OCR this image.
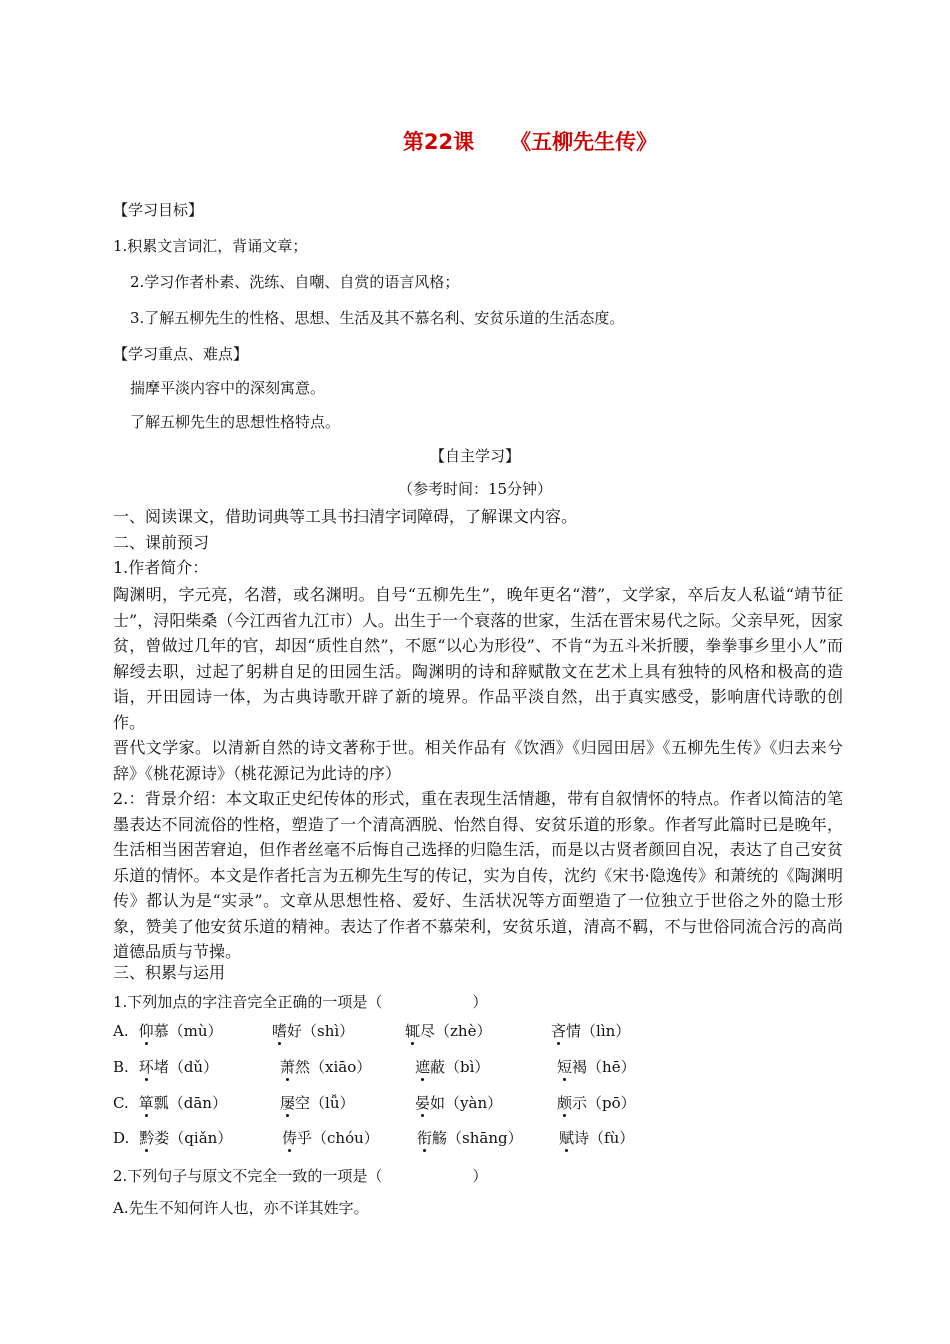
第22课 《五柳先生传》
【学习目标】
1.积累文言词汇，背诵文章；
2.学习作者朴素、洗练、自嘲、自赏的语言风格；
3.了解五柳先生的性格、思想、生活及其不慕名利、安贫乐道的生活态度。
【学习重点、难点】
揣摩平淡内容中的深刻寓意。
了解五柳先生的思想性格特点。
【自主学习】
（参考时间：15分钟）
一、阅读课文，借助词典等工具书扫清字词障碍，了解课文内容。
二、课前预习
1.作者简介：
陶渊明，字元亮，名潜，或名渊明。自号“五柳先生”，晚年更名“潜”，文学家，卒后友人私谥“靖节征士”，浔阳柴桑（今江西省九江市）人。出生于一个衰落的世家，生活在晋宋易代之际。父亲早死，因家贫，曾做过几年的官，却因“质性自然”，不愿“以心为形役”、不肯“为五斗米折腰，拳拳事乡里小人”而解绶去职，过起了躬耕自足的田园生活。陶渊明的诗和辞赋散文在艺术上具有独特的风格和极高的造诣，开田园诗一体，为古典诗歌开辟了新的境界。作品平淡自然，出于真实感受，影响唐代诗歌的创作。
晋代文学家。以清新自然的诗文著称于世。相关作品有《饮酒》《归园田居》《五柳先生传》《归去来兮辞》《桃花源诗》（桃花源记为此诗的序）
2.：背景介绍：本文取正史纪传体的形式，重在表现生活情趣，带有自叙情怀的特点。作者以简洁的笔墨表达不同流俗的性格，塑造了一个清高洒脱、怡然自得、安贫乐道的形象。作者写此篇时已是晚年，生活相当困苦窘迫，但作者丝毫不后悔自己选择的归隐生活，而是以古贤者颜回自况，表达了自己安贫乐道的情怀。本文是作者托言为五柳先生写的传记，实为自传，沈约《宋书·隐逸传》和萧统的《陶渊明传》都认为是“实录”。文章从思想性格、爱好、生活状况等方面塑造了一位独立于世俗之外的隐士形象，赞美了他安贫乐道的精神。表达了作者不慕荣利，安贫乐道，清高不羁，不与世俗同流合污的高尚道德品质与节操。
三、积累与运用
1.下列加点的字注音完全正确的一项是（　　　　　　）
A. 仰慕（mù）	嗜好（shì）	辄尽（zhè）	吝情（lìn）
B. 环堵（dǔ）	萧然（xiāo）	遮蔽（bì）	短褐（hē）
C. 箪瓢（dān）	屡空（lǚ）	晏如（yàn）	颇示（pō）
D. 黔娄（qiǎn）	俦乎（chóu）	衔觞（shāng） 赋诗（fù）
2.下列句子与原文不完全一致的一项是（　　　　　　）
A.先生不知何许人也，亦不详其姓字。
